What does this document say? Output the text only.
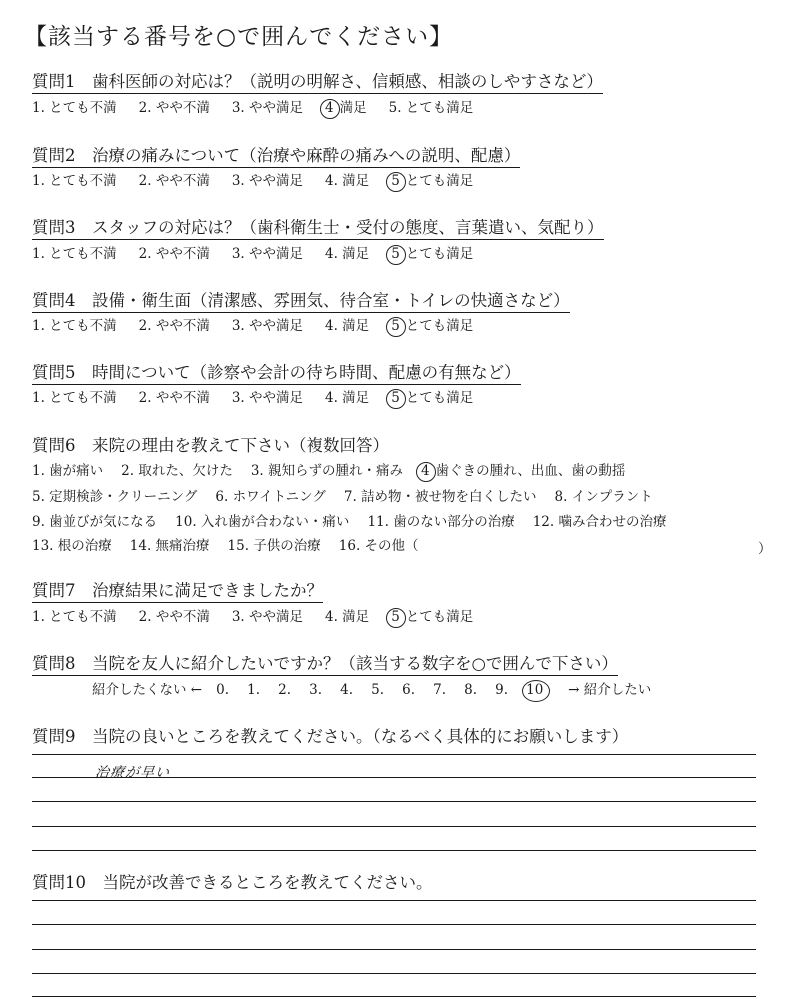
【該当する番号を○で囲んでください】
質問1　歯科医師の対応は？（説明の明解さ、信頼感、相談のしやすさなど）
1. とても不満 2. やや不満 3. やや満足 4 満足 5. とても満足
質問2　治療の痛みについて（治療や麻酔の痛みへの説明、配慮）
1. とても不満 2. やや不満 3. やや満足 4. 満足 5 とても満足
質問3　スタッフの対応は？（歯科衛生士・受付の態度、言葉遣い、気配り）
1. とても不満 2. やや不満 3. やや満足 4. 満足 5 とても満足
質問4　設備・衛生面（清潔感、雰囲気、待合室・トイレの快適さなど）
1. とても不満 2. やや不満 3. やや満足 4. 満足 5 とても満足
質問5　時間について（診察や会計の待ち時間、配慮の有無など）
1. とても不満 2. やや不満 3. やや満足 4. 満足 5 とても満足
質問6　来院の理由を教えて下さい（複数回答）
1. 歯が痛い 2. 取れた、欠けた 3. 親知らずの腫れ・痛み 4 歯ぐきの腫れ、出血、歯の動揺
5. 定期検診・クリーニング 6. ホワイトニング 7. 詰め物・被せ物を白くしたい 8. インプラント
9. 歯並びが気になる 10. 入れ歯が合わない・痛い 11. 歯のない部分の治療 12. 噛み合わせの治療
13. 根の治療 14. 無痛治療 15. 子供の治療 16. その他（	）
質問7　治療結果に満足できましたか？
1. とても不満 2. やや不満 3. やや満足 4. 満足 5 とても満足
質問8　当院を友人に紹介したいですか？（該当する数字を○で囲んで下さい）
紹介したくない ← 0.	1.	2.	3.	4.	5.	6.	7.	8.	9.	10	→ 紹介したい
質問9　当院の良いところを教えてください。（なるべく具体的にお願いします）
治療が早い
質問10　当院が改善できるところを教えてください。
